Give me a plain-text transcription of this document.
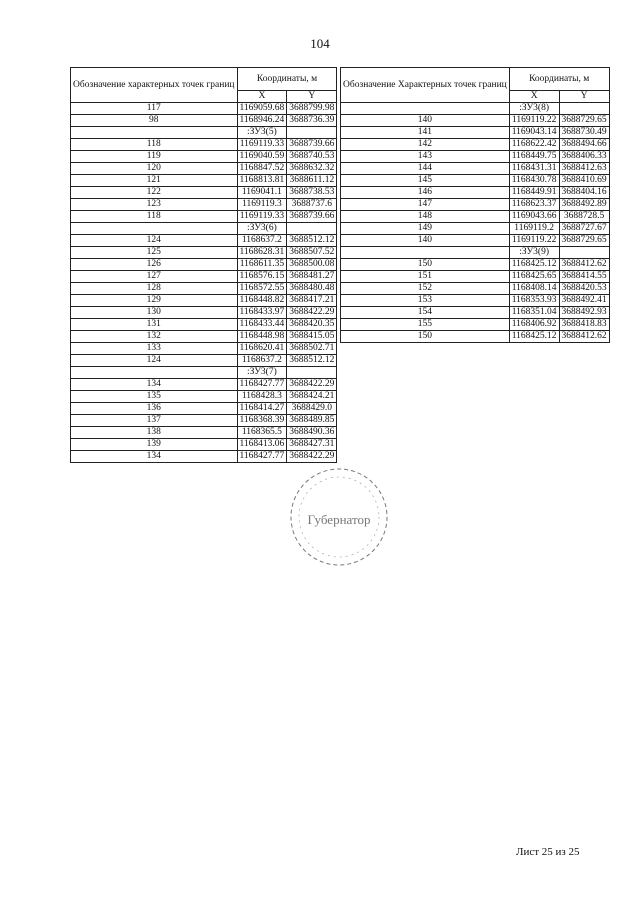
104
Обозначение характерных точек границ	Координаты, м	
	X	Y
117	1169059.68	3688799.98
98	1168946.24	3688736.39
	:ЗУ3(5)	
118	1169119.33	3688739.66
119	1169040.59	3688740.53
120	1168847.52	3688632.32
121	1168813.81	3688611.12
122	1169041.1	3688738.53
123	1169119.3	3688737.6
118	1169119.33	3688739.66
	:ЗУ3(6)	
124	1168637.2	3688512.12
125	1168628.31	3688507.52
126	1168611.35	3688500.08
127	1168576.15	3688481.27
128	1168572.55	3688480.48
129	1168448.82	3688417.21
130	1168433.97	3688422.29
131	1168433.44	3688420.35
132	1168448.98	3688415.05
133	1168620.41	3688502.71
124	1168637.2	3688512.12
	:ЗУ3(7)	
134	1168427.77	3688422.29
135	1168428.3	3688424.21
136	1168414.27	3688429.0
137	1168368.39	3688489.85
138	1168365.5	3688490.36
139	1168413.06	3688427.31
134	1168427.77	3688422.29
Обозначение Характерных точек границ	Координаты, м	
	X	Y
	:ЗУ3(8)	
140	1169119.22	3688729.65
141	1169043.14	3688730.49
142	1168622.42	3688494.66
143	1168449.75	3688406.33
144	1168431.31	3688412.63
145	1168430.78	3688410.69
146	1168449.91	3688404.16
147	1168623.37	3688492.89
148	1169043.66	3688728.5
149	1169119.2	3688727.67
140	1169119.22	3688729.65
	:ЗУ3(9)	
150	1168425.12	3688412.62
151	1168425.65	3688414.55
152	1168408.14	3688420.53
153	1168353.93	3688492.41
154	1168351.04	3688492.93
155	1168406.92	3688418.83
150	1168425.12	3688412.62
Губернатор
Лист 25 из 25
